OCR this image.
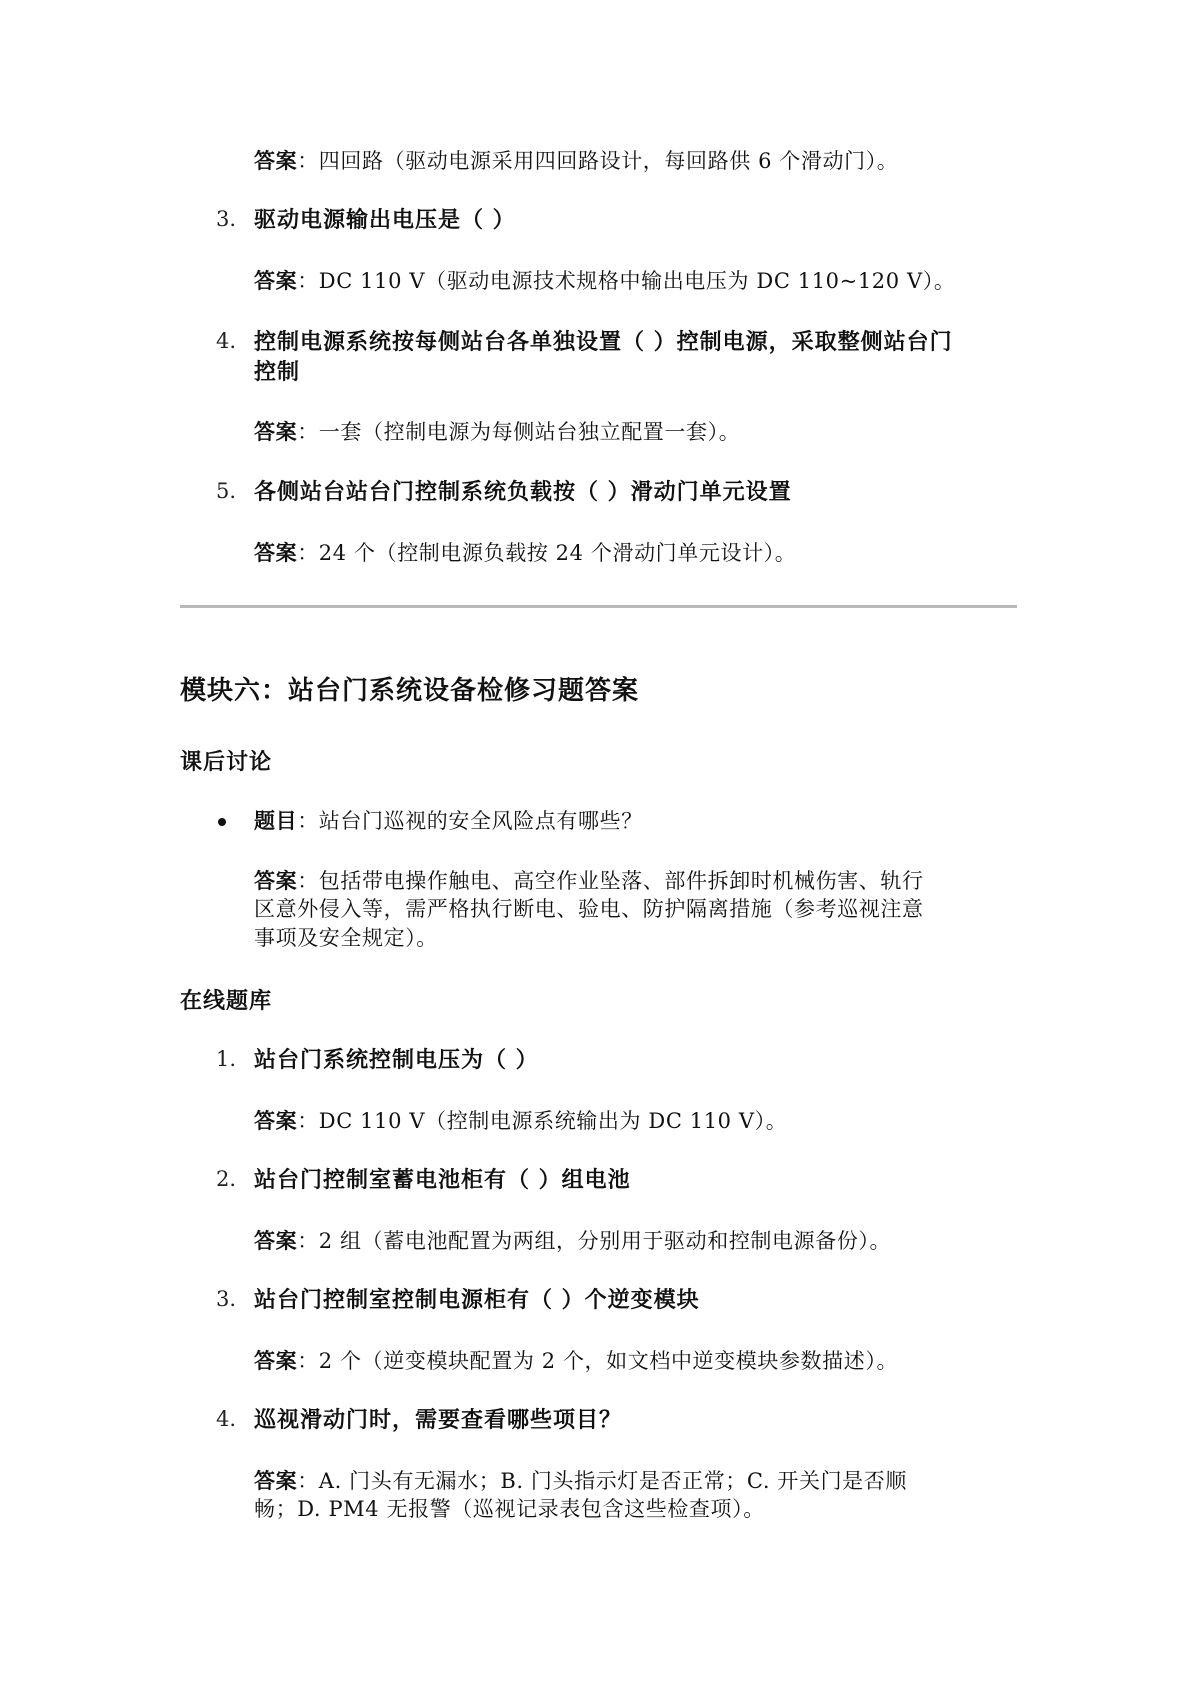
答案：四回路（驱动电源采用四回路设计，每回路供 6 个滑动门）。
3. 驱动电源输出电压是（ ）
答案：DC 110 V（驱动电源技术规格中输出电压为 DC 110~120 V）。
4. 控制电源系统按每侧站台各单独设置（ ）控制电源，采取整侧站台门
控制
答案：一套（控制电源为每侧站台独立配置一套）。
5. 各侧站台站台门控制系统负载按（ ）滑动门单元设置
答案：24 个（控制电源负载按 24 个滑动门单元设计）。
模块六：站台门系统设备检修习题答案
课后讨论
题目：站台门巡视的安全风险点有哪些？
答案：包括带电操作触电、高空作业坠落、部件拆卸时机械伤害、轨行
区意外侵入等，需严格执行断电、验电、防护隔离措施（参考巡视注意
事项及安全规定）。
在线题库
1. 站台门系统控制电压为（ ）
答案：DC 110 V（控制电源系统输出为 DC 110 V）。
2. 站台门控制室蓄电池柜有（ ）组电池
答案：2 组（蓄电池配置为两组，分别用于驱动和控制电源备份）。
3. 站台门控制室控制电源柜有（ ）个逆变模块
答案：2 个（逆变模块配置为 2 个，如文档中逆变模块参数描述）。
4. 巡视滑动门时，需要查看哪些项目？
答案：A. 门头有无漏水；B. 门头指示灯是否正常；C. 开关门是否顺
畅；D. PM4 无报警（巡视记录表包含这些检查项）。
